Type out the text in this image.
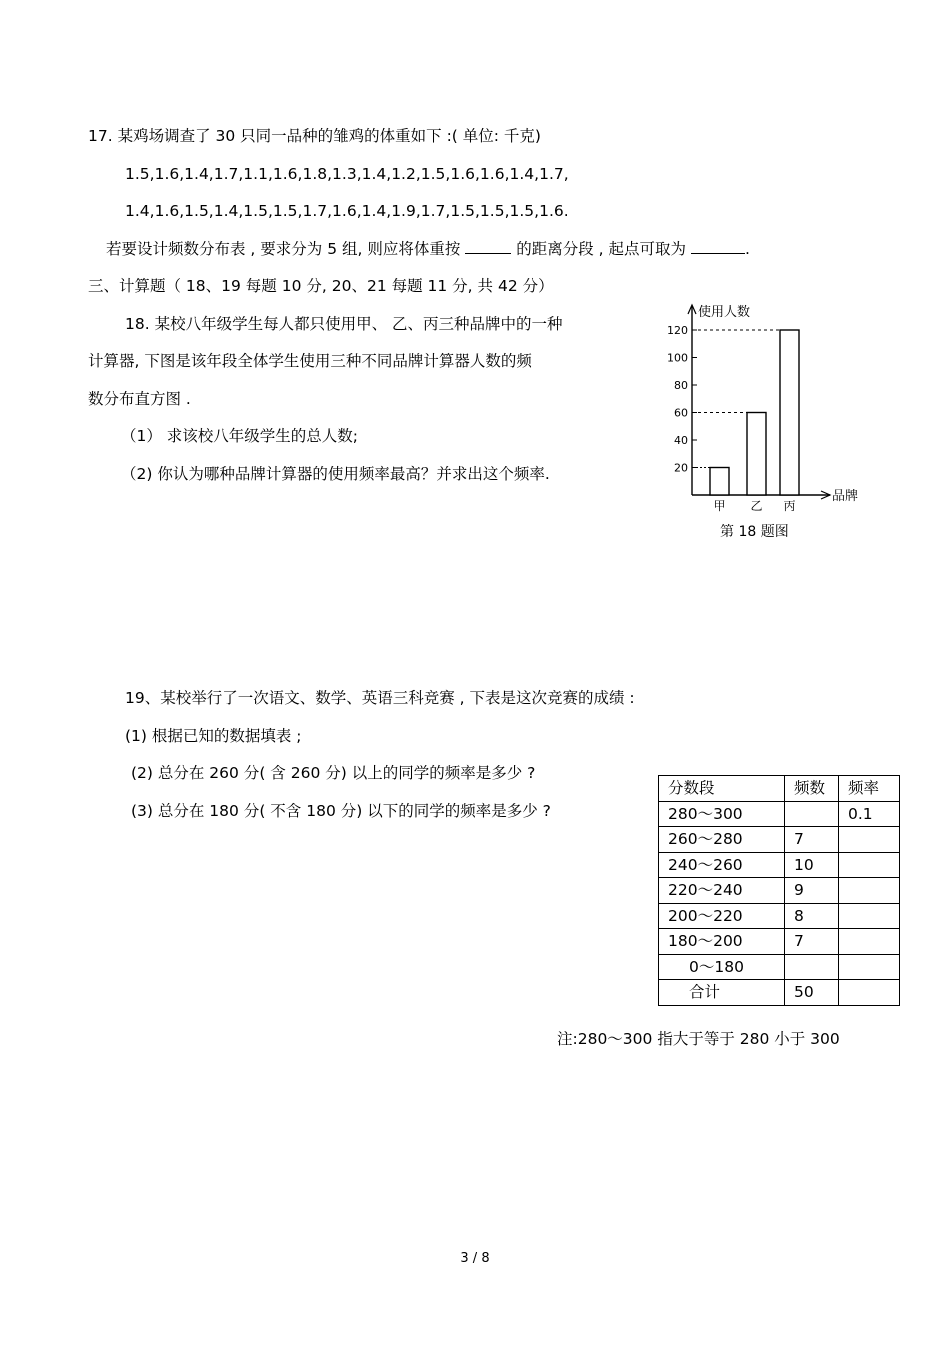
17. 某鸡场调查了 30 只同一品种的雏鸡的体重如下 :( 单位: 千克)
1.5,1.6,1.4,1.7,1.1,1.6,1.8,1.3,1.4,1.2,1.5,1.6,1.6,1.4,1.7,
1.4,1.6,1.5,1.4,1.5,1.5,1.7,1.6,1.4,1.9,1.7,1.5,1.5,1.5,1.6.
若要设计频数分布表 , 要求分为 5 组, 则应将体重按	的距离分段 , 起点可取为	.
三、计算题（ 18、19 每题 10 分, 20、21 每题 11 分, 共 42 分）
18. 某校八年级学生每人都只使用甲、 乙、丙三种品牌中的一种
计算器, 下图是该年段全体学生使用三种不同品牌计算器人数的频
数分布直方图 .
（1） 求该校八年级学生的总人数;
（2) 你认为哪种品牌计算器的使用频率最高？并求出这个频率.	20
40
60
80
100
120
甲 乙 丙
使用人数
品牌
第 18 题图
19、某校举行了一次语文、数学、英语三科竞赛 , 下表是这次竞赛的成绩 :
(1) 根据已知的数据填表 ;
(2) 总分在 260 分( 含 260 分) 以上的同学的频率是多少 ?
(3) 总分在 180 分( 不含 180 分) 以下的同学的频率是多少 ?
分数段	频数	频率
280～300		0.1
260～280	7	
240～260	10	
220～240	9	
200～220	8	
180～200	7	
0～180		
合计	50	
注:280～300 指大于等于 280 小于 300
3 / 8
